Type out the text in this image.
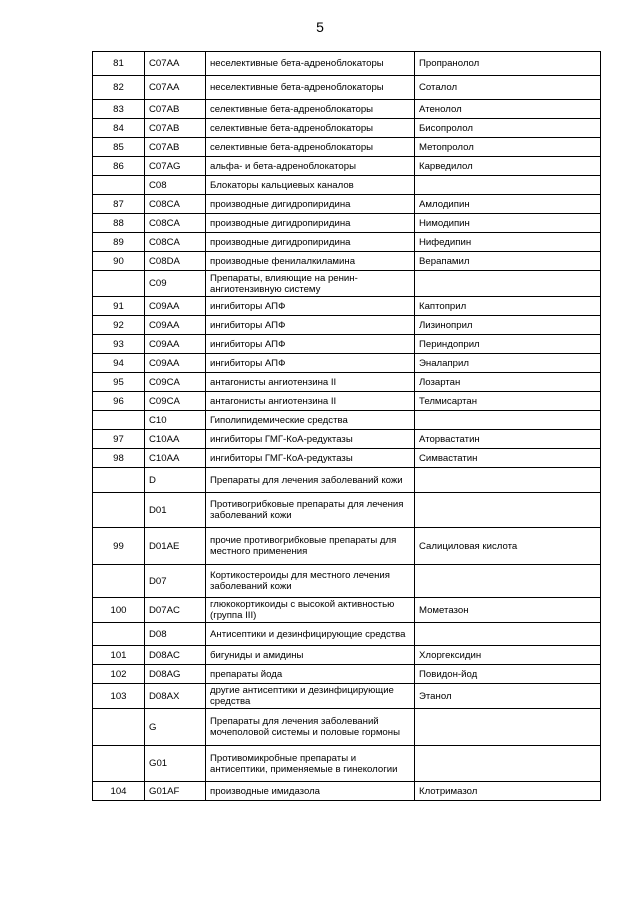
5
81	C07AA	неселективные бета-адреноблокаторы	Пропранолол
82	C07AA	неселективные бета-адреноблокаторы	Соталол
83	C07AB	селективные бета-адреноблокаторы	Атенолол
84	C07AB	селективные бета-адреноблокаторы	Бисопролол
85	C07AB	селективные бета-адреноблокаторы	Метопролол
86	C07AG	альфа- и бета-адреноблокаторы	Карведилол
	C08	Блокаторы кальциевых каналов	
87	C08CA	производные дигидропиридина	Амлодипин
88	C08CA	производные дигидропиридина	Нимодипин
89	C08CA	производные дигидропиридина	Нифедипин
90	C08DA	производные фенилалкиламина	Верапамил
	C09	Препараты, влияющие на ренин-ангиотензивную систему	
91	C09AA	ингибиторы АПФ	Каптоприл
92	C09AA	ингибиторы АПФ	Лизиноприл
93	C09AA	ингибиторы АПФ	Периндоприл
94	C09AA	ингибиторы АПФ	Эналаприл
95	C09CA	антагонисты ангиотензина II	Лозартан
96	C09CA	антагонисты ангиотензина II	Телмисартан
	C10	Гиполипидемические средства	
97	C10AA	ингибиторы ГМГ-КоА-редуктазы	Аторвастатин
98	C10AA	ингибиторы ГМГ-КоА-редуктазы	Симвастатин
	D	Препараты для лечения заболеваний кожи	
	D01	Противогрибковые препараты для лечения заболеваний кожи	
99	D01AE	прочие противогрибковые препараты для местного применения	Салициловая кислота
	D07	Кортикостероиды для местного лечения заболеваний кожи	
100	D07AC	глюкокортикоиды с высокой активностью (группа III)	Мометазон
	D08	Антисептики и дезинфицирующие средства	
101	D08AC	бигуниды и амидины	Хлоргексидин
102	D08AG	препараты йода	Повидон-йод
103	D08AX	другие антисептики и дезинфицирующие средства	Этанол
	G	Препараты для лечения заболеваний мочеполовой системы и половые гормоны	
	G01	Противомикробные препараты и антисептики, применяемые в гинекологии	
104	G01AF	производные имидазола	Клотримазол
